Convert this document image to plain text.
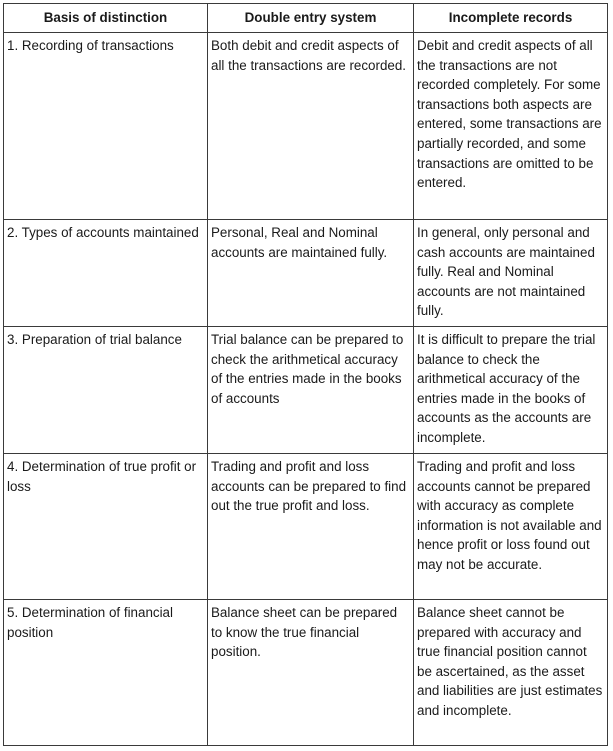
Basis of distinction	Double entry system	Incomplete records
1. Recording of transactions	Both debit and credit aspects of all the transactions are recorded.	Debit and credit aspects of all the transactions are not recorded completely. For some transactions both aspects are entered, some transactions are partially recorded, and some transactions are omitted to be entered.
2. Types of accounts maintained	Personal, Real and Nominal accounts are maintained fully.	In general, only personal and cash accounts are maintained fully. Real and Nominal accounts are not maintained fully.
3. Preparation of trial balance	Trial balance can be prepared to check the arithmetical accuracy of the entries made in the books of accounts	It is difficult to prepare the trial balance to check the arithmetical accuracy of the entries made in the books of accounts as the accounts are incomplete.
4. Determination of true profit or loss	Trading and profit and loss accounts can be prepared to find out the true profit and loss.	Trading and profit and loss accounts cannot be prepared with accuracy as complete information is not available and hence profit or loss found out may not be accurate.
5. Determination of financial position	Balance sheet can be prepared to know the true financial position.	Balance sheet cannot be prepared with accuracy and true financial position cannot be ascertained, as the asset and liabilities are just estimates and incomplete.
